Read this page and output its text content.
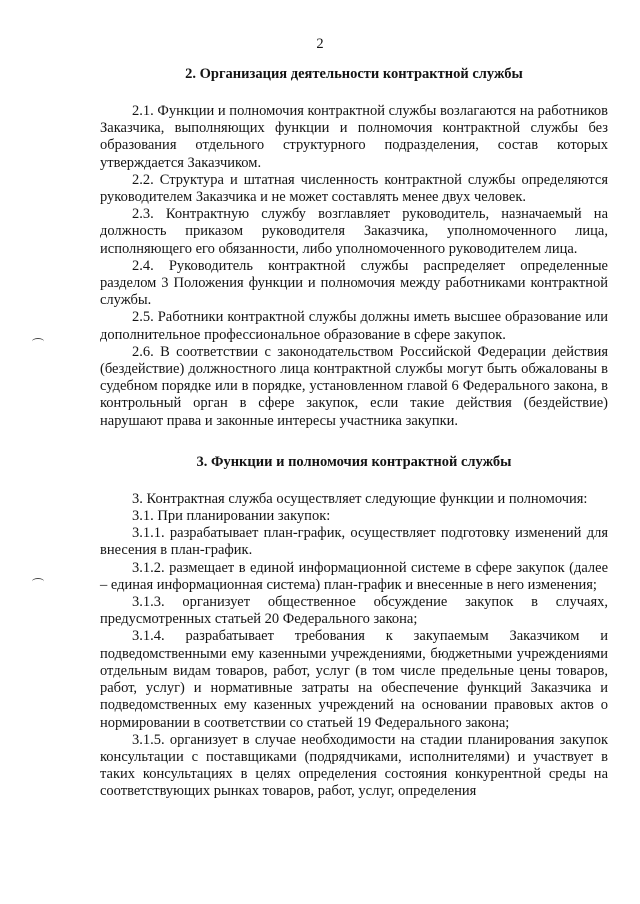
2
2. Организация деятельности контрактной службы

2.1. Функции и полномочия контрактной службы возлагаются на работников Заказчика, выполняющих функции и полномочия контрактной службы без образования отдельного структурного подразделения, состав которых утверждается Заказчиком.

2.2. Структура и штатная численность контрактной службы определяются руководителем Заказчика и не может составлять менее двух человек.

2.3. Контрактную службу возглавляет руководитель, назначаемый на должность приказом руководителя Заказчика, уполномоченного лица, исполняющего его обязанности, либо уполномоченного руководителем лица.

2.4. Руководитель контрактной службы распределяет определенные разделом 3 Положения функции и полномочия между работниками контрактной службы.

2.5. Работники контрактной службы должны иметь высшее образование или дополнительное профессиональное образование в сфере закупок.

2.6. В соответствии с законодательством Российской Федерации действия (бездействие) должностного лица контрактной службы могут быть обжалованы в судебном порядке или в порядке, установленном главой 6 Федерального закона, в контрольный орган в сфере закупок, если такие действия (бездействие) нарушают права и законные интересы участника закупки.

3. Функции и полномочия контрактной службы

3. Контрактная служба осуществляет следующие функции и полномочия:

3.1. При планировании закупок:

3.1.1. разрабатывает план-график, осуществляет подготовку изменений для внесения в план-график.

3.1.2. размещает в единой информационной системе в сфере закупок (далее – единая информационная система) план-график и внесенные в него изменения;

3.1.3. организует общественное обсуждение закупок в случаях, предусмотренных статьей 20 Федерального закона;

3.1.4. разрабатывает требования к закупаемым Заказчиком и подведомственными ему казенными учреждениями, бюджетными учреждениями отдельным видам товаров, работ, услуг (в том числе предельные цены товаров, работ, услуг) и нормативные затраты на обеспечение функций Заказчика и подведомственных ему казенных учреждений на основании правовых актов о нормировании в соответствии со статьей 19 Федерального закона;

3.1.5. организует в случае необходимости на стадии планирования закупок консультации с поставщиками (подрядчиками, исполнителями) и участвует в таких консультациях в целях определения состояния конкурентной среды на соответствующих рынках товаров, работ, услуг, определения
